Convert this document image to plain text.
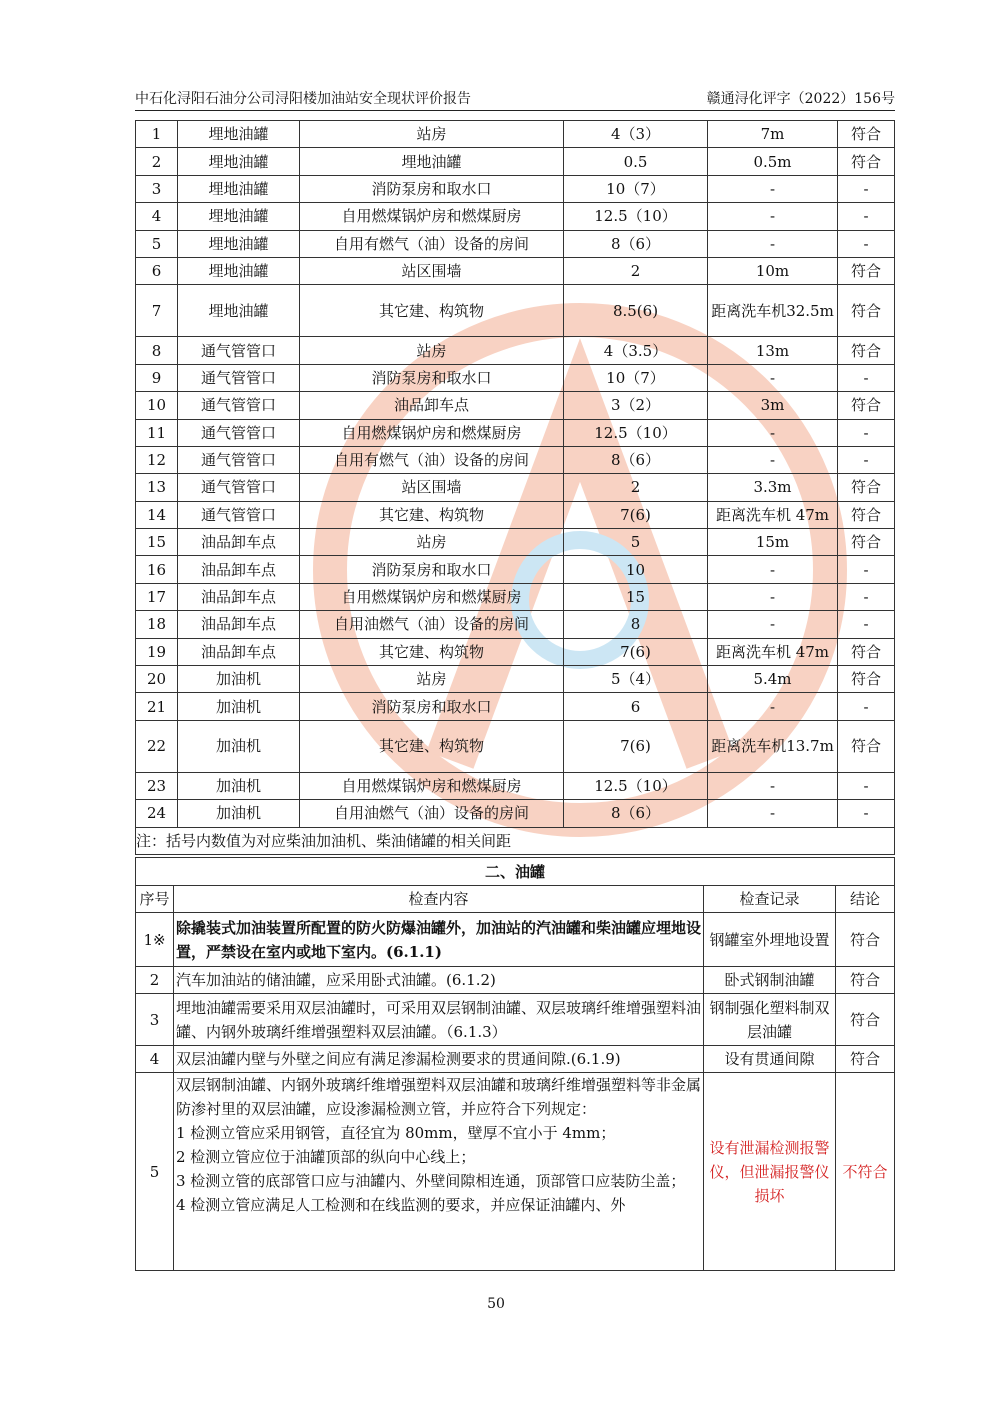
中石化浔阳石油分公司浔阳楼加油站安全现状评价报告	赣通浔化评字（2022）156号
1	埋地油罐	站房	4（3）	7m	符合
2	埋地油罐	埋地油罐	0.5	0.5m	符合
3	埋地油罐	消防泵房和取水口	10（7）	-	-
4	埋地油罐	自用燃煤锅炉房和燃煤厨房	12.5（10）	-	-
5	埋地油罐	自用有燃气（油）设备的房间	8（6）	-	-
6	埋地油罐	站区围墙	2	10m	符合
7	埋地油罐	其它建、构筑物	8.5(6)	距离洗车机32.5m	符合
8	通气管管口	站房	4（3.5）	13m	符合
9	通气管管口	消防泵房和取水口	10（7）	-	-
10	通气管管口	油品卸车点	3（2）	3m	符合
11	通气管管口	自用燃煤锅炉房和燃煤厨房	12.5（10）	-	-
12	通气管管口	自用有燃气（油）设备的房间	8（6）	-	-
13	通气管管口	站区围墙	2	3.3m	符合
14	通气管管口	其它建、构筑物	7(6)	距离洗车机 47m	符合
15	油品卸车点	站房	5	15m	符合
16	油品卸车点	消防泵房和取水口	10	-	-
17	油品卸车点	自用燃煤锅炉房和燃煤厨房	15	-	-
18	油品卸车点	自用油燃气（油）设备的房间	8	-	-
19	油品卸车点	其它建、构筑物	7(6)	距离洗车机 47m	符合
20	加油机	站房	5（4）	5.4m	符合
21	加油机	消防泵房和取水口	6	-	-
22	加油机	其它建、构筑物	7(6)	距离洗车机13.7m	符合
23	加油机	自用燃煤锅炉房和燃煤厨房	12.5（10）	-	-
24	加油机	自用油燃气（油）设备的房间	8（6）	-	-
注：括号内数值为对应柴油加油机、柴油储罐的相关间距					
二、油罐			
序号	检查内容	检查记录	结论
1※	除撬装式加油装置所配置的防火防爆油罐外，加油站的汽油罐和柴油罐应埋地设置，严禁设在室内或地下室内。(6.1.1)	钢罐室外埋地设置	符合
2	汽车加油站的储油罐，应采用卧式油罐。(6.1.2)	卧式钢制油罐	符合
3	埋地油罐需要采用双层油罐时，可采用双层钢制油罐、双层玻璃纤维增强塑料油罐、内钢外玻璃纤维增强塑料双层油罐。（6.1.3）	钢制强化塑料制双层油罐	符合
4	双层油罐内壁与外壁之间应有满足渗漏检测要求的贯通间隙.(6.1.9)	设有贯通间隙	符合
5	双层钢制油罐、内钢外玻璃纤维增强塑料双层油罐和玻璃纤维增强塑料等非金属防渗衬里的双层油罐，应设渗漏检测立管，并应符合下列规定：
1 检测立管应采用钢管，直径宜为 80mm，壁厚不宜小于 4mm；
2 检测立管应位于油罐顶部的纵向中心线上；
3 检测立管的底部管口应与油罐内、外壁间隙相连通，顶部管口应装防尘盖；
4 检测立管应满足人工检测和在线监测的要求，并应保证油罐内、外	设有泄漏检测报警仪，但泄漏报警仪损坏	不符合
50
